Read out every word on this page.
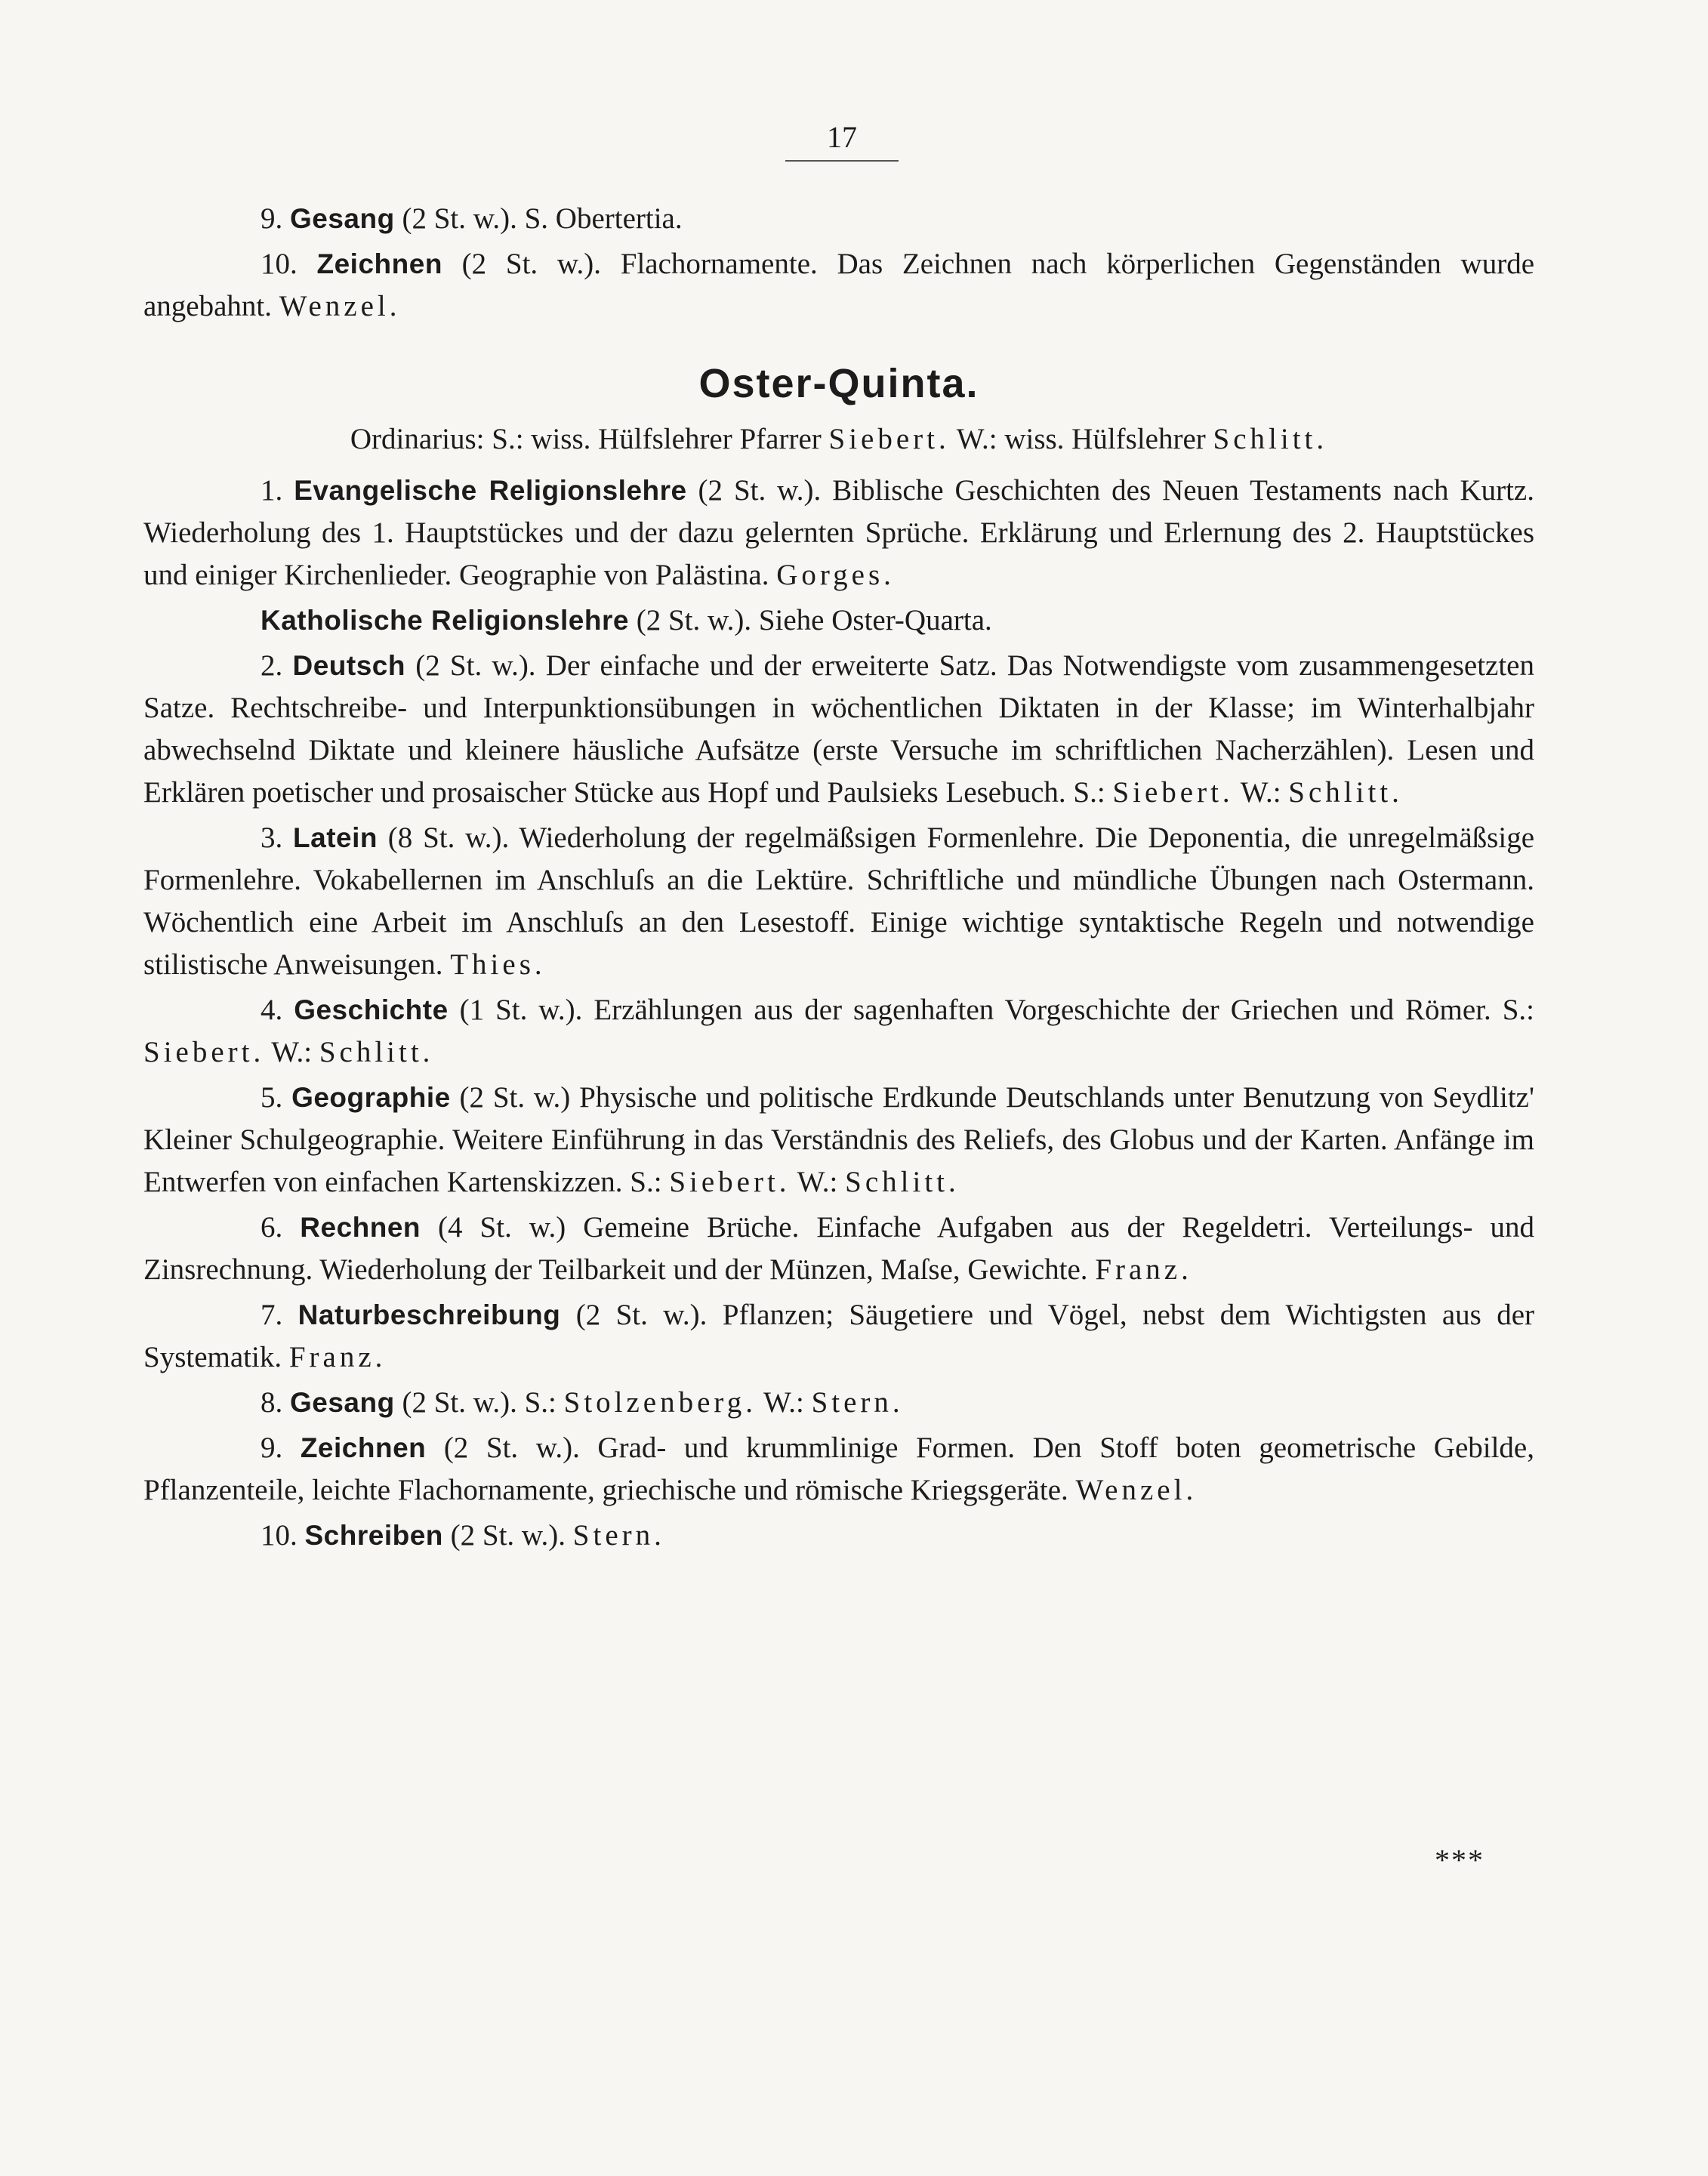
17

9. Gesang (2 St. w.). S. Obertertia.

10. Zeichnen (2 St. w.). Flachornamente. Das Zeichnen nach körperlichen Gegenständen wurde angebahnt. Wenzel.

Oster-Quinta.

Ordinarius: S.: wiss. Hülfslehrer Pfarrer Siebert. W.: wiss. Hülfslehrer Schlitt.

1. Evangelische Religionslehre (2 St. w.). Biblische Geschichten des Neuen Testaments nach Kurtz. Wiederholung des 1. Hauptstückes und der dazu gelernten Sprüche. Erklärung und Erlernung des 2. Hauptstückes und einiger Kirchenlieder. Geographie von Palästina. Gorges.

Katholische Religionslehre (2 St. w.). Siehe Oster-Quarta.

2. Deutsch (2 St. w.). Der einfache und der erweiterte Satz. Das Notwendigste vom zusammengesetzten Satze. Rechtschreibe- und Interpunktionsübungen in wöchentlichen Diktaten in der Klasse; im Winterhalbjahr abwechselnd Diktate und kleinere häusliche Aufsätze (erste Versuche im schriftlichen Nacherzählen). Lesen und Erklären poetischer und prosaischer Stücke aus Hopf und Paulsieks Lesebuch. S.: Siebert. W.: Schlitt.

3. Latein (8 St. w.). Wiederholung der regelmäßsigen Formenlehre. Die Deponentia, die unregelmäßsige Formenlehre. Vokabellernen im Anschluſs an die Lektüre. Schriftliche und mündliche Übungen nach Ostermann. Wöchentlich eine Arbeit im Anschluſs an den Lesestoff. Einige wichtige syntaktische Regeln und notwendige stilistische Anweisungen. Thies.

4. Geschichte (1 St. w.). Erzählungen aus der sagenhaften Vorgeschichte der Griechen und Römer. S.: Siebert. W.: Schlitt.

5. Geographie (2 St. w.) Physische und politische Erdkunde Deutschlands unter Benutzung von Seydlitz' Kleiner Schulgeographie. Weitere Einführung in das Verständnis des Reliefs, des Globus und der Karten. Anfänge im Entwerfen von einfachen Kartenskizzen. S.: Siebert. W.: Schlitt.

6. Rechnen (4 St. w.) Gemeine Brüche. Einfache Aufgaben aus der Regeldetri. Verteilungs- und Zinsrechnung. Wiederholung der Teilbarkeit und der Münzen, Maſse, Gewichte. Franz.

7. Naturbeschreibung (2 St. w.). Pflanzen; Säugetiere und Vögel, nebst dem Wichtigsten aus der Systematik. Franz.

8. Gesang (2 St. w.). S.: Stolzenberg. W.: Stern.

9. Zeichnen (2 St. w.). Grad- und krummlinige Formen. Den Stoff boten geometrische Gebilde, Pflanzenteile, leichte Flachornamente, griechische und römische Kriegsgeräte. Wenzel.

10. Schreiben (2 St. w.). Stern.

***
